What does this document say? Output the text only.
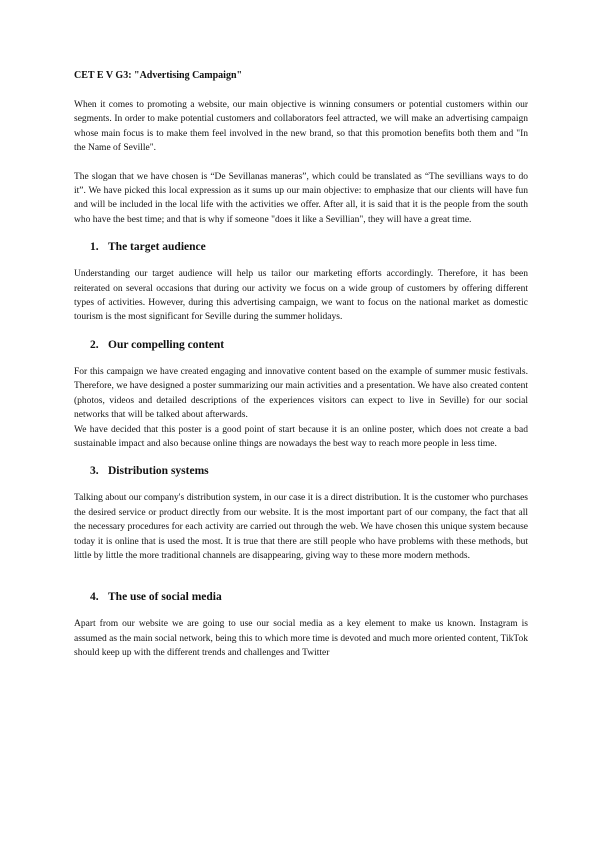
CET E V G3: "Advertising Campaign"

When it comes to promoting a website, our main objective is winning consumers or potential customers within our segments. In order to make potential customers and collaborators feel attracted, we will make an advertising campaign whose main focus is to make them feel involved in the new brand, so that this promotion benefits both them and "In the Name of Seville".

The slogan that we have chosen is “De Sevillanas maneras”, which could be translated as “The sevillians ways to do it”. We have picked this local expression as it sums up our main objective: to emphasize that our clients will have fun and will be included in the local life with the activities we offer. After all, it is said that it is the people from the south who have the best time; and that is why if someone "does it like a Sevillian", they will have a great time.

1. The target audience

Understanding our target audience will help us tailor our marketing efforts accordingly. Therefore, it has been reiterated on several occasions that during our activity we focus on a wide group of customers by offering different types of activities. However, during this advertising campaign, we want to focus on the national market as domestic tourism is the most significant for Seville during the summer holidays.

2. Our compelling content

For this campaign we have created engaging and innovative content based on the example of summer music festivals. Therefore, we have designed a poster summarizing our main activities and a presentation. We have also created content (photos, videos and detailed descriptions of the experiences visitors can expect to live in Seville) for our social networks that will be talked about afterwards.

We have decided that this poster is a good point of start because it is an online poster, which does not create a bad sustainable impact and also because online things are nowadays the best way to reach more people in less time.

3. Distribution systems

Talking about our company's distribution system, in our case it is a direct distribution. It is the customer who purchases the desired service or product directly from our website. It is the most important part of our company, the fact that all the necessary procedures for each activity are carried out through the web. We have chosen this unique system because today it is online that is used the most. It is true that there are still people who have problems with these methods, but little by little the more traditional channels are disappearing, giving way to these more modern methods.

4. The use of social media

Apart from our website we are going to use our social media as a key element to make us known. Instagram is assumed as the main social network, being this to which more time is devoted and much more oriented content, TikTok should keep up with the different trends and challenges and Twitter
